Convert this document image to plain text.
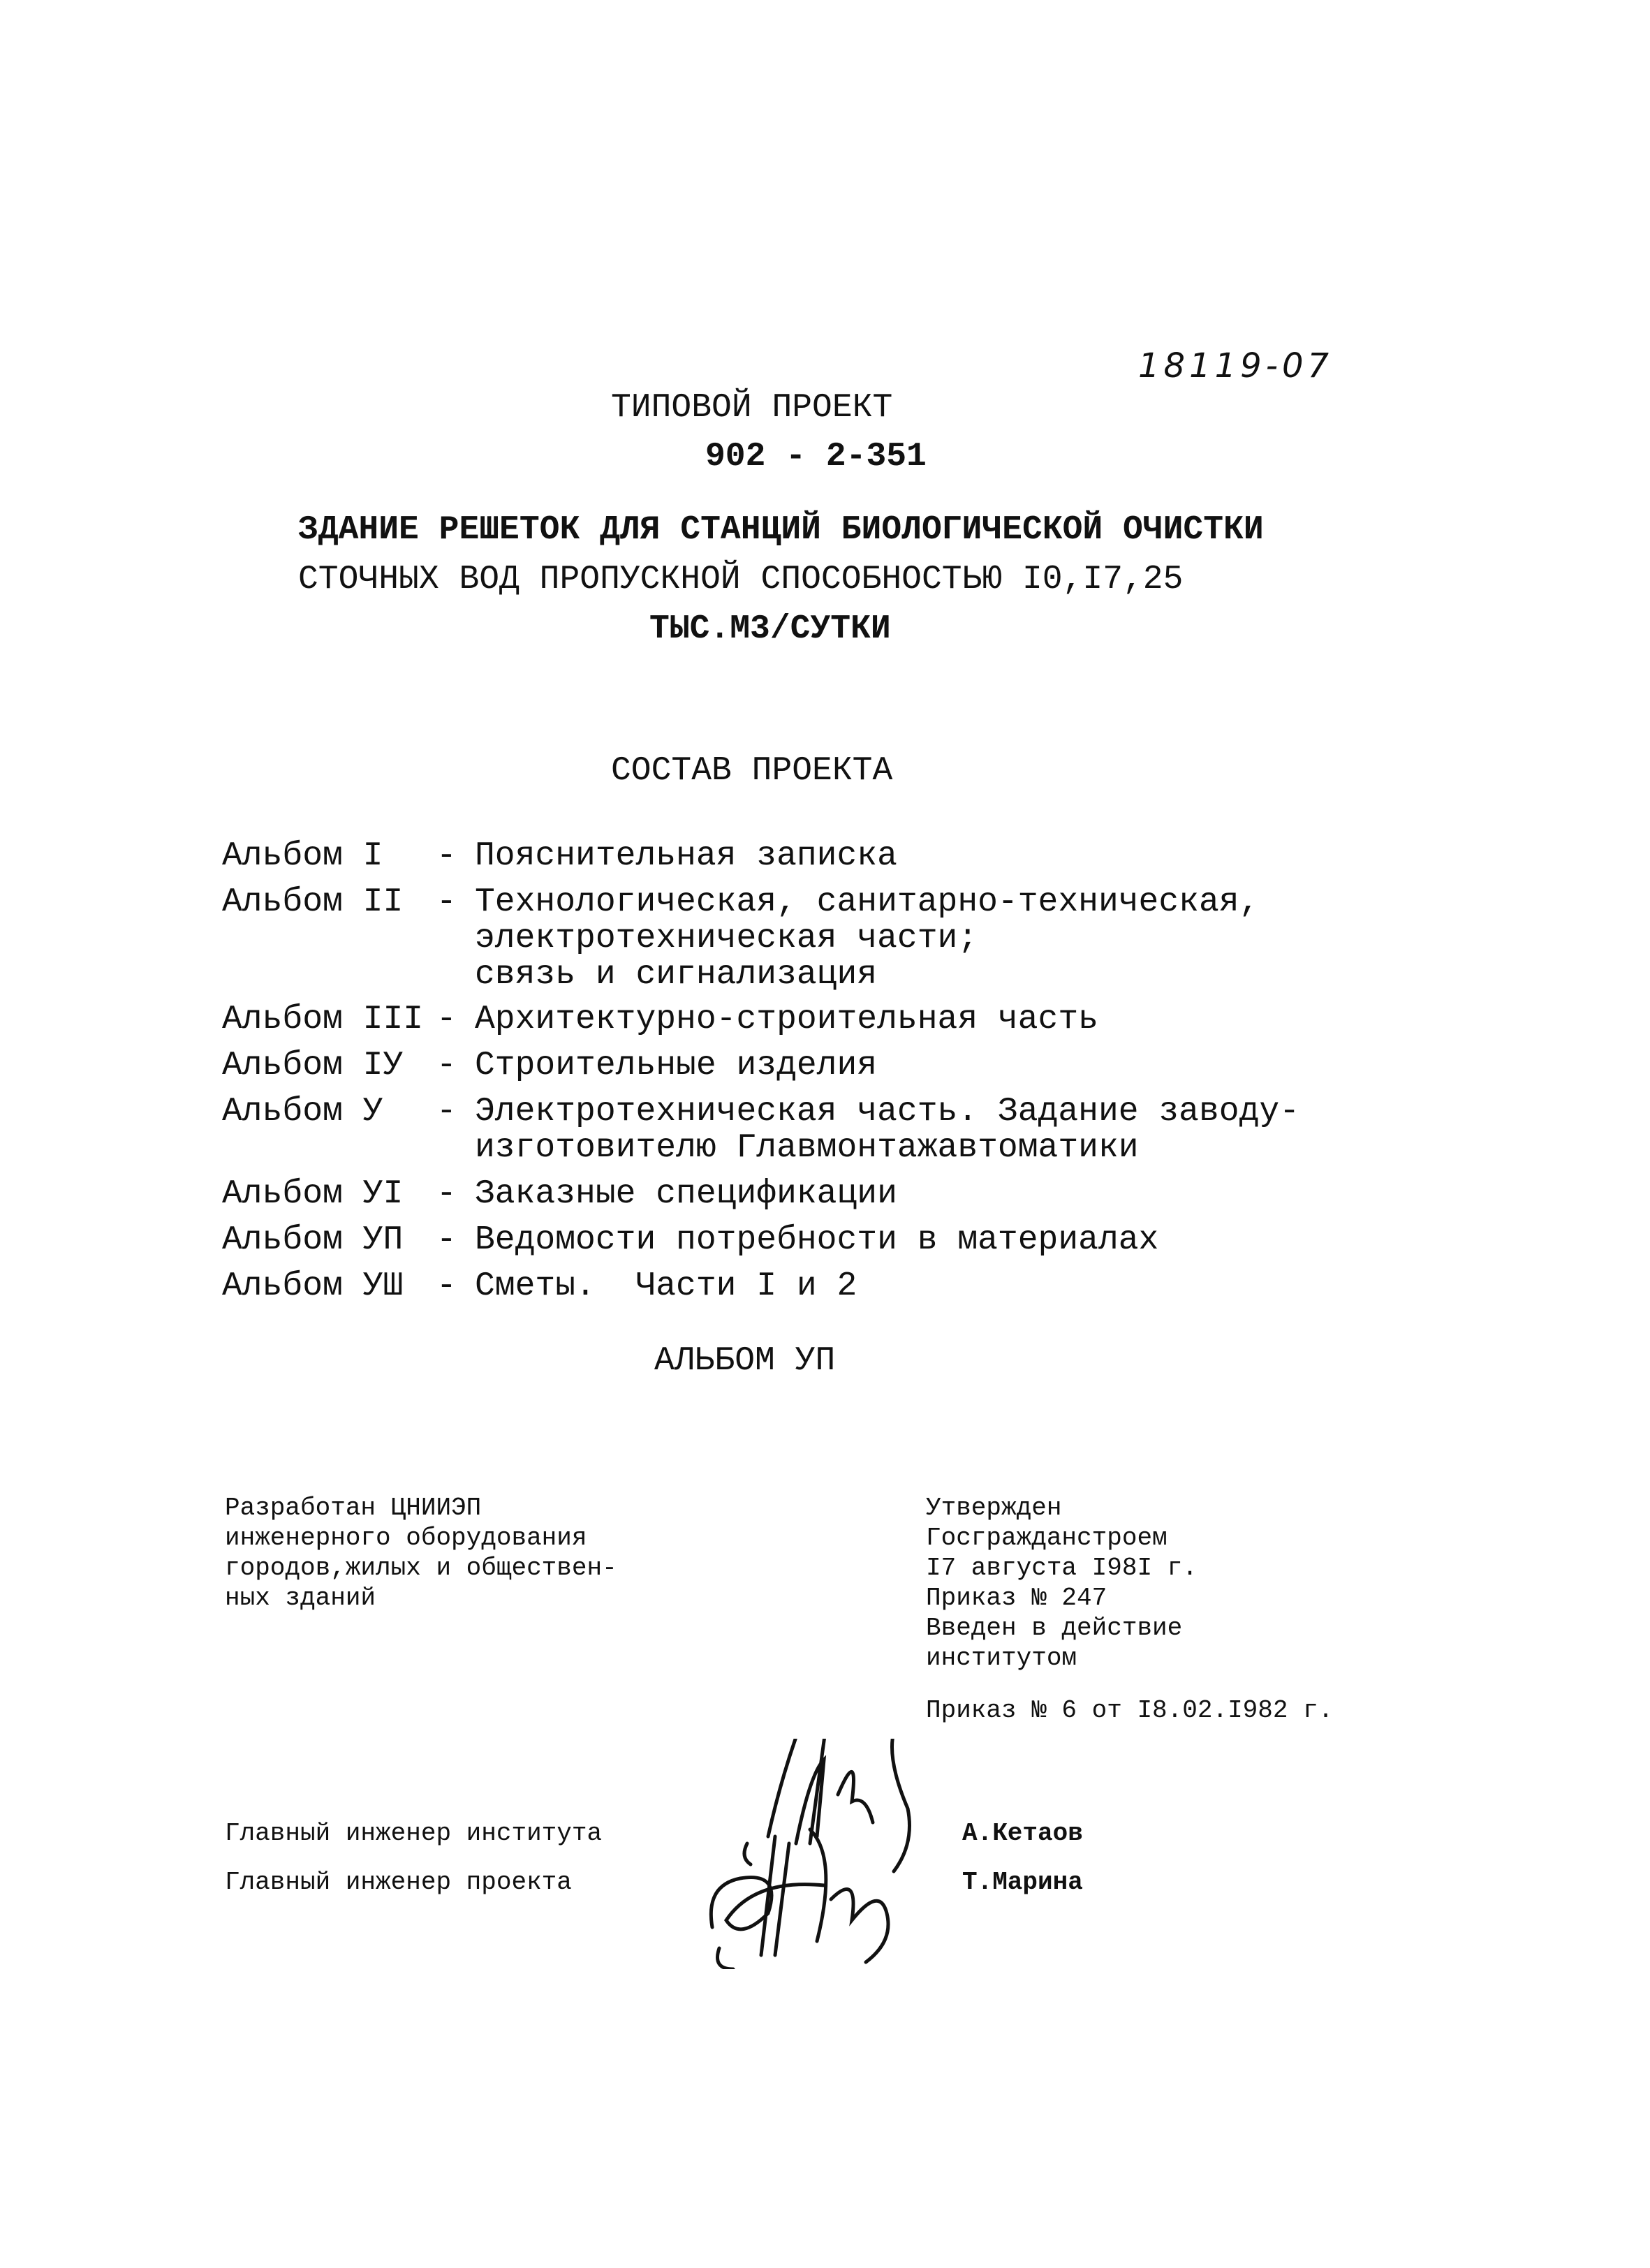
18119-07
ТИПОВОЙ ПРОЕКТ
902 - 2-351
ЗДАНИЕ РЕШЕТОК ДЛЯ СТАНЦИЙ БИОЛОГИЧЕСКОЙ ОЧИСТКИ
СТОЧНЫХ ВОД ПРОПУСКНОЙ СПОСОБНОСТЬЮ I0,I7,25
ТЫС.М3/СУТКИ
СОСТАВ ПРОЕКТА
Альбом I - Пояснительная записка
Альбом II - Технологическая, санитарно-техническая,
электротехническая части;
связь и сигнализация
Альбом III - Архитектурно-строительная часть
Альбом IУ - Строительные изделия
Альбом У - Электротехническая часть. Задание заводу-
изготовителю Главмонтажавтоматики
Альбом УI - Заказные спецификации
Альбом УП - Ведомости потребности в материалах
Альбом УШ - Сметы.  Части I и 2
АЛЬБОМ УП
Разработан ЦНИИЭП
инженерного оборудования
городов,жилых и обществен-
ных зданий
Утвержден
Госгражданстроем
I7 августа I98I г.
Приказ № 247
Введен в действие
институтом
Приказ № 6 от I8.02.I982 г.
Главный инженер института	А.Кетаов
Главный инженер проекта	Т.Марина
